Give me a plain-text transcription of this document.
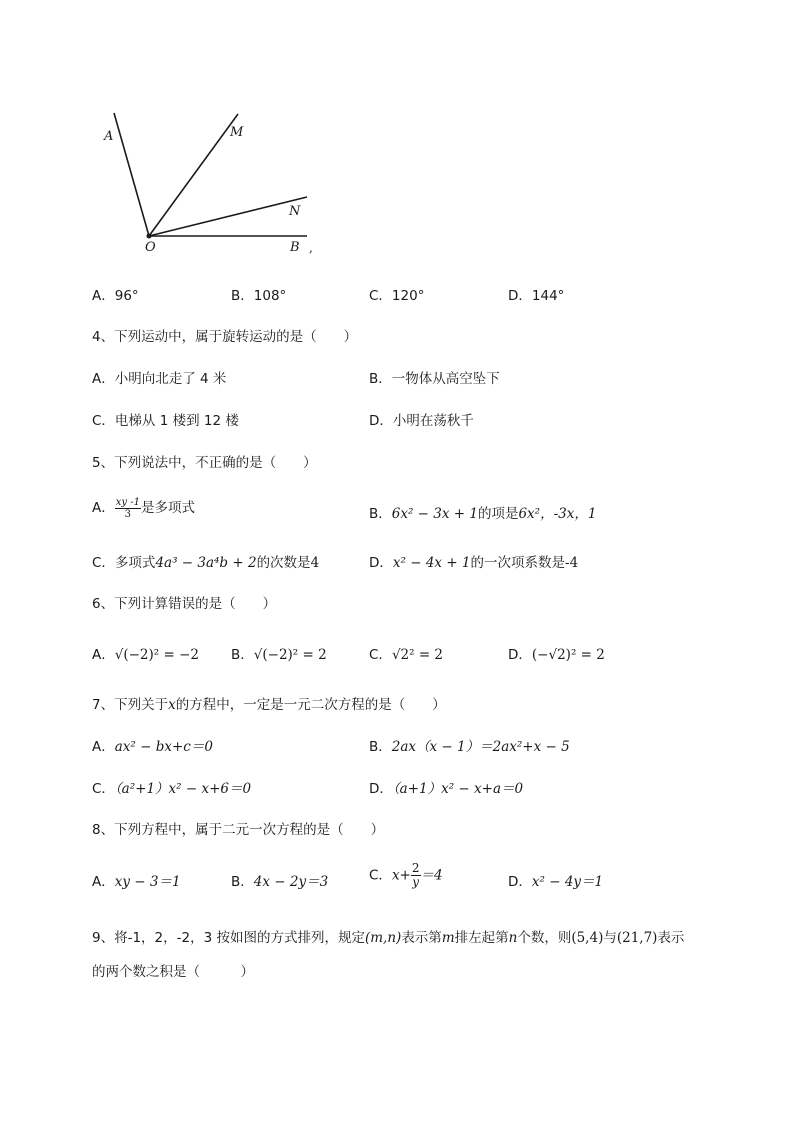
A	M
N
O	B ,
A．96°	B．108°	C．120°	D．144°
4、下列运动中，属于旋转运动的是（　　）
A．小明向北走了 4 米	B．一物体从高空坠下
C．电梯从 1 楼到 12 楼	D．小明在荡秋千
5、下列说法中，不正确的是（　　）
A． $\frac{xy -1}{3}$ 是多项式	B．6x² − 3x + 1的项是6x²，-3x，1
C．多项式4a³ − 3a⁴b + 2的次数是4	D．x² − 4x + 1的一次项系数是-4
6、下列计算错误的是（　　）
A．√(−2)² = −2 B．√(−2)² = 2	C．√2² = 2	D．(−√2)² = 2
7、下列关于x的方程中，一定是一元二次方程的是（　　）
A．ax² − bx+c＝0	B．2ax（x − 1）＝2ax²+x − 5
C．（a²+1）x² − x+6＝0	D．（a+1）x² − x+a＝0
8、下列方程中，属于二元一次方程的是（　　）
A．xy − 3＝1	B．4x − 2y＝3	C．$x+ \frac{2}{y} =4$	D．x² − 4y＝1
9、将-1，2，-2，3 按如图的方式排列，规定(m,n)表示第m排左起第n个数，则(5,4)与(21,7)表示
的两个数之积是（　　　）
